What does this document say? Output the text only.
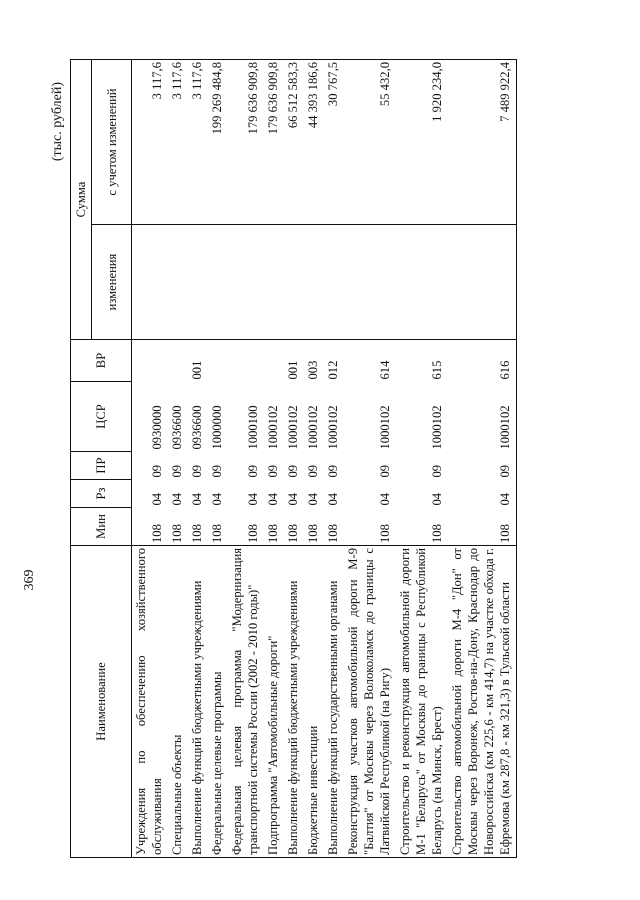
369
(тыс. рублей)
Наименование	Мин	Рз	ПР	ЦСР	ВР	Сумма	
						изменения	с учетом изменений
Учреждения по обеспечению хозяйственного обслуживания	108	04	09	0930000			3 117,6
Специальные объекты	108	04	09	0936600			3 117,6
Выполнение функций бюджетными учреждениями	108	04	09	0936600	001		3 117,6
Федеральные целевые программы	108	04	09	1000000			199 269 484,8
Федеральная целевая программа "Модернизация транспортной системы России (2002 - 2010 годы)"	108	04	09	1000100			179 636 909,8
Подпрограмма "Автомобильные дороги"	108	04	09	1000102			179 636 909,8
Выполнение функций бюджетными учреждениями	108	04	09	1000102	001		66 512 583,3
Бюджетные инвестиции	108	04	09	1000102	003		44 393 186,6
Выполнение функций государственными органами	108	04	09	1000102	012		30 767,5
Реконструкция участков автомобильной дороги М-9 "Балтия" от Москвы через Волоколамск до границы с Латвийской Республикой (на Ригу)	108	04	09	1000102	614		55 432,0
Строительство и реконструкция автомобильной дороги М-1 "Беларусь" от Москвы до границы с Республикой Беларусь (на Минск, Брест)	108	04	09	1000102	615		1 920 234,0
Строительство автомобильной дороги М-4 "Дон" от Москвы через Воронеж, Ростов-на-Дону, Краснодар до Новороссийска (км 225,6 - км 414,7) на участке обхода г. Ефремова (км 287,8 - км 321,3) в Тульской области	108	04	09	1000102	616		7 489 922,4
